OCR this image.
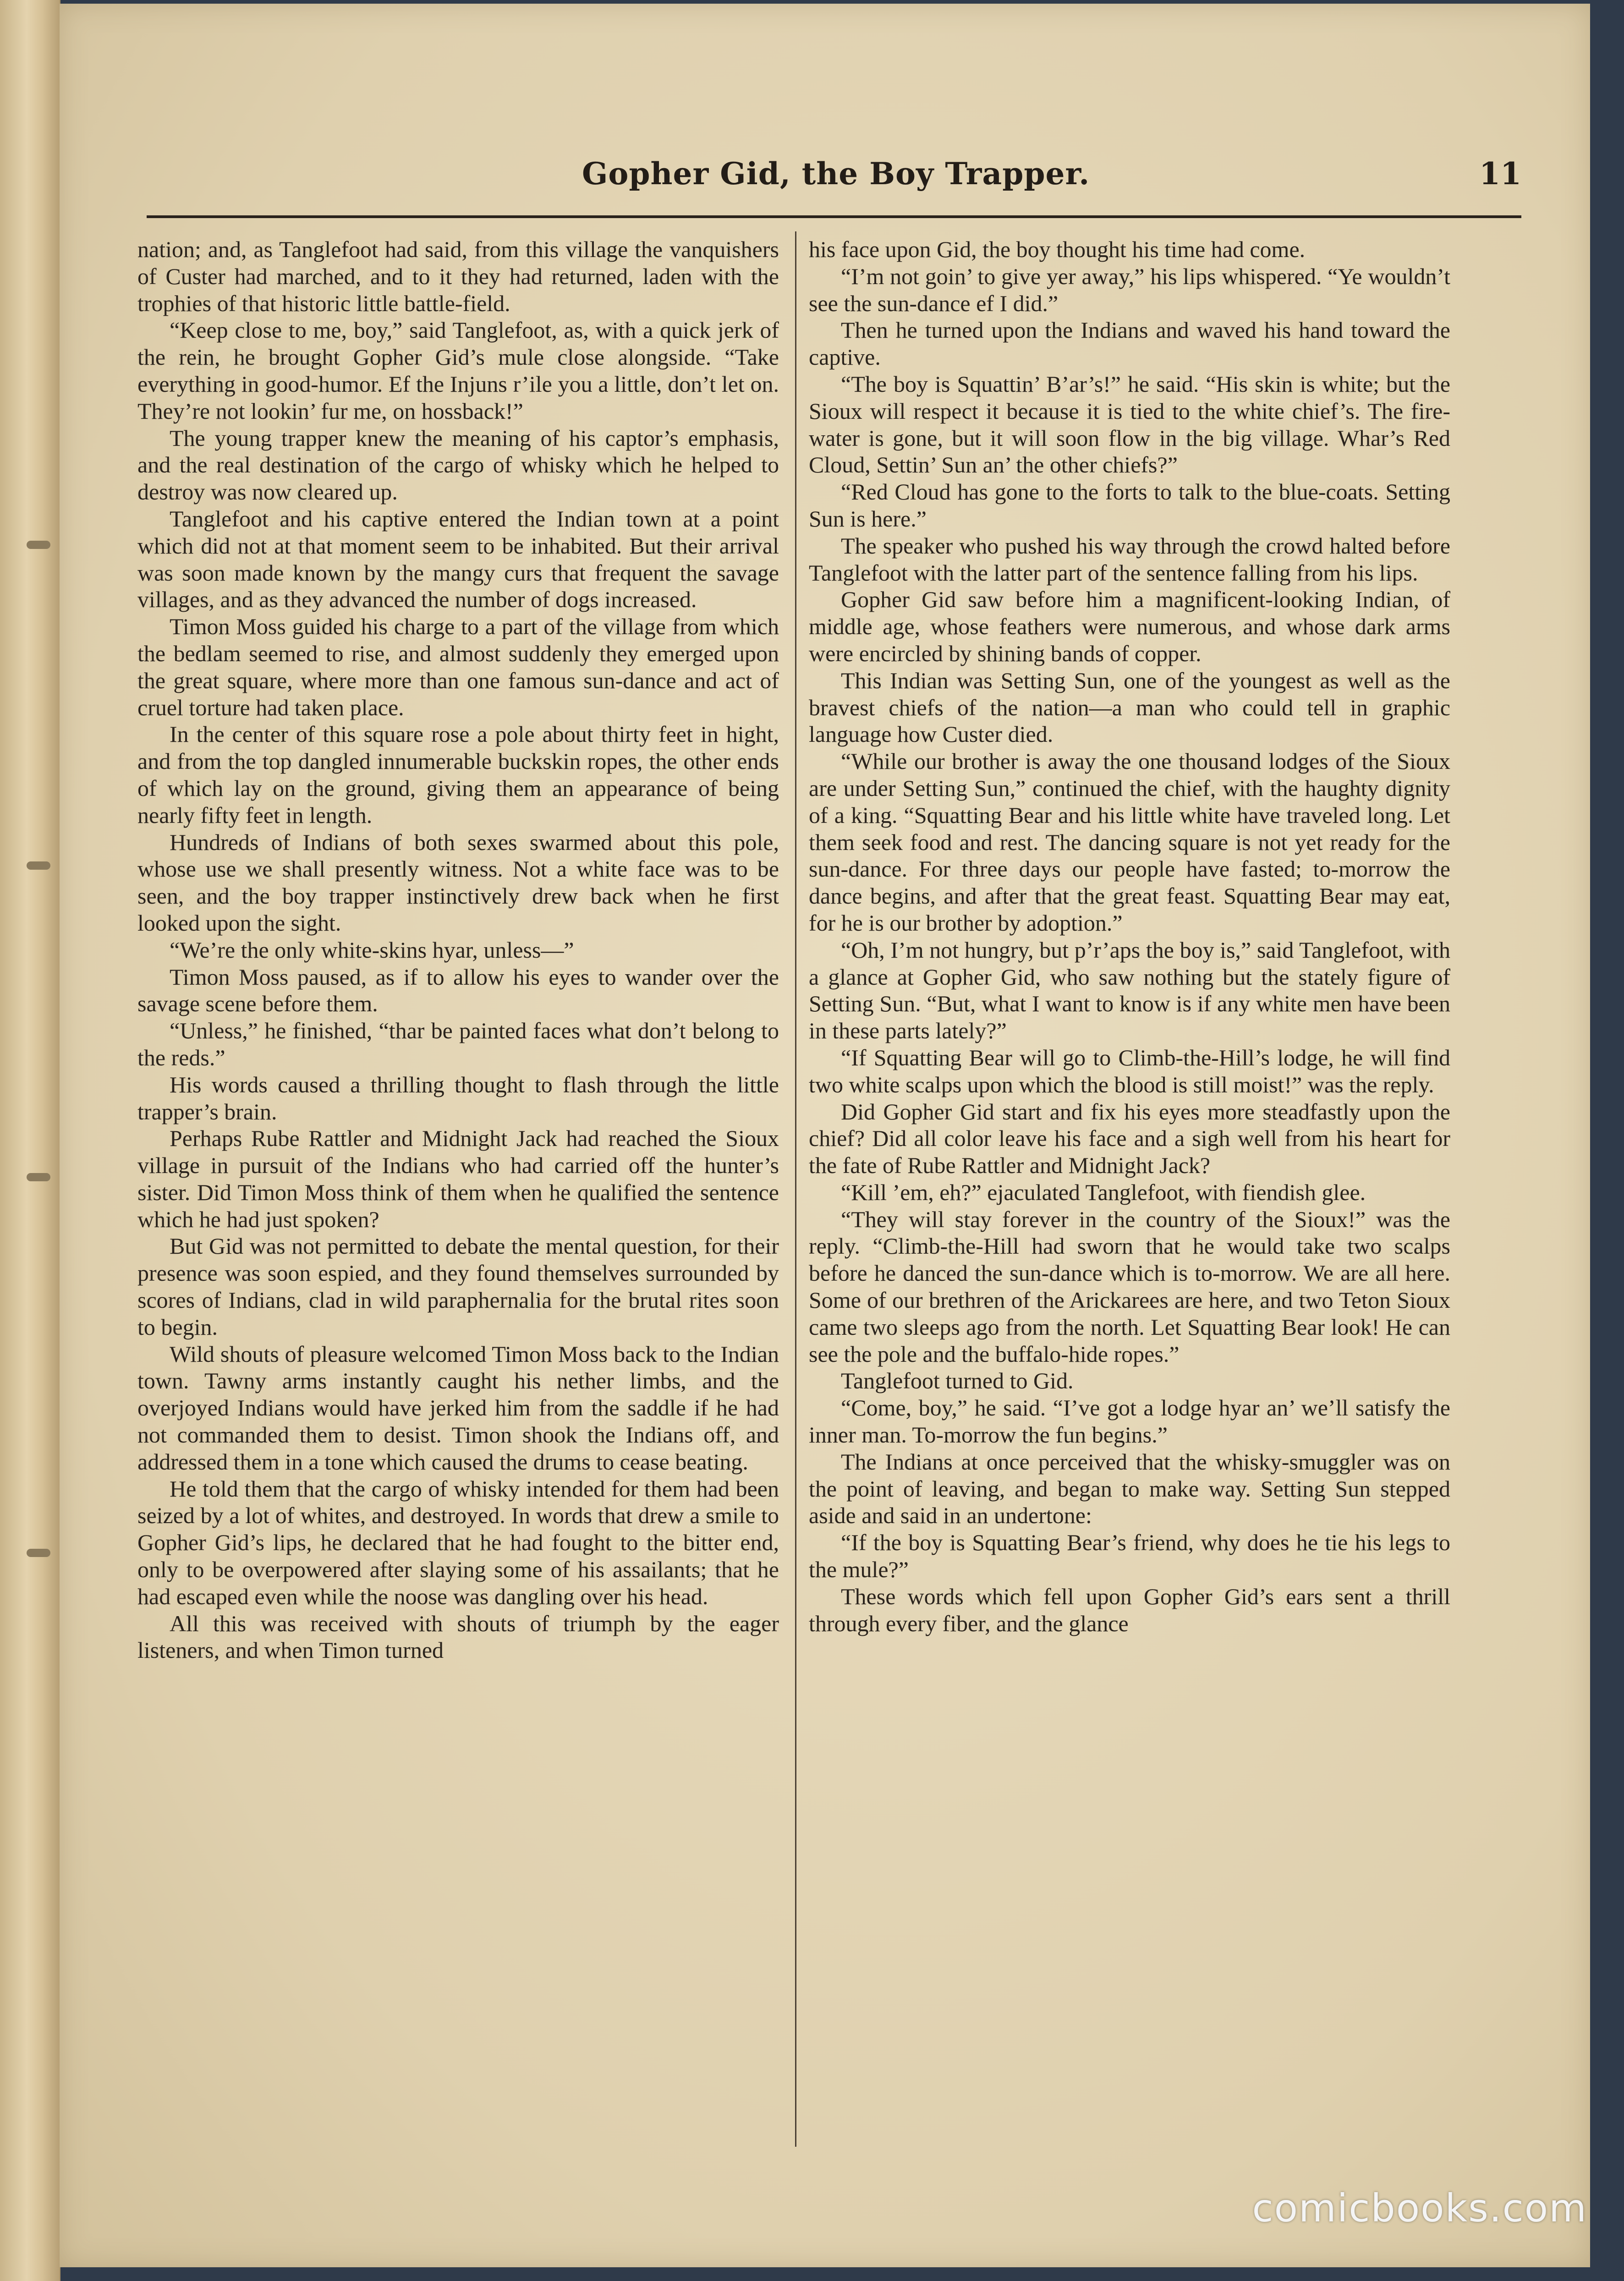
Gopher Gid, the Boy Trapper.	11

nation; and, as Tanglefoot had said, from this village the vanquishers of Custer had marched, and to it they had returned, laden with the trophies of that historic little battle-field.

“Keep close to me, boy,” said Tanglefoot, as, with a quick jerk of the rein, he brought Gopher Gid’s mule close alongside. “Take everything in good-humor. Ef the Injuns r’ile you a little, don’t let on. They’re not lookin’ fur me, on hossback!”

The young trapper knew the meaning of his captor’s emphasis, and the real destination of the cargo of whisky which he helped to destroy was now cleared up.

Tanglefoot and his captive entered the Indian town at a point which did not at that moment seem to be inhabited. But their arrival was soon made known by the mangy curs that frequent the savage villages, and as they advanced the number of dogs increased.

Timon Moss guided his charge to a part of the village from which the bedlam seemed to rise, and almost suddenly they emerged upon the great square, where more than one famous sun-dance and act of cruel torture had taken place.

In the center of this square rose a pole about thirty feet in hight, and from the top dangled innumerable buckskin ropes, the other ends of which lay on the ground, giving them an appearance of being nearly fifty feet in length.

Hundreds of Indians of both sexes swarmed about this pole, whose use we shall presently witness. Not a white face was to be seen, and the boy trapper instinctively drew back when he first looked upon the sight.

“We’re the only white-skins hyar, unless—”

Timon Moss paused, as if to allow his eyes to wander over the savage scene before them.

“Unless,” he finished, “thar be painted faces what don’t belong to the reds.”

His words caused a thrilling thought to flash through the little trapper’s brain.

Perhaps Rube Rattler and Midnight Jack had reached the Sioux village in pursuit of the Indians who had carried off the hunter’s sister. Did Timon Moss think of them when he qualified the sentence which he had just spoken?

But Gid was not permitted to debate the mental question, for their presence was soon espied, and they found themselves surrounded by scores of Indians, clad in wild paraphernalia for the brutal rites soon to begin.

Wild shouts of pleasure welcomed Timon Moss back to the Indian town. Tawny arms instantly caught his nether limbs, and the overjoyed Indians would have jerked him from the saddle if he had not commanded them to desist. Timon shook the Indians off, and addressed them in a tone which caused the drums to cease beating.

He told them that the cargo of whisky intended for them had been seized by a lot of whites, and destroyed. In words that drew a smile to Gopher Gid’s lips, he declared that he had fought to the bitter end, only to be overpowered after slaying some of his assailants; that he had escaped even while the noose was dangling over his head.

All this was received with shouts of triumph by the eager listeners, and when Timon turned

his face upon Gid, the boy thought his time had come.

“I’m not goin’ to give yer away,” his lips whispered. “Ye wouldn’t see the sun-dance ef I did.”

Then he turned upon the Indians and waved his hand toward the captive.

“The boy is Squattin’ B’ar’s!” he said. “His skin is white; but the Sioux will respect it because it is tied to the white chief’s. The fire-water is gone, but it will soon flow in the big village. Whar’s Red Cloud, Settin’ Sun an’ the other chiefs?”

“Red Cloud has gone to the forts to talk to the blue-coats. Setting Sun is here.”

The speaker who pushed his way through the crowd halted before Tanglefoot with the latter part of the sentence falling from his lips.

Gopher Gid saw before him a magnificent-looking Indian, of middle age, whose feathers were numerous, and whose dark arms were encircled by shining bands of copper.

This Indian was Setting Sun, one of the youngest as well as the bravest chiefs of the nation—a man who could tell in graphic language how Custer died.

“While our brother is away the one thousand lodges of the Sioux are under Setting Sun,” continued the chief, with the haughty dignity of a king. “Squatting Bear and his little white have traveled long. Let them seek food and rest. The dancing square is not yet ready for the sun-dance. For three days our people have fasted; to-morrow the dance begins, and after that the great feast. Squatting Bear may eat, for he is our brother by adoption.”

“Oh, I’m not hungry, but p’r’aps the boy is,” said Tanglefoot, with a glance at Gopher Gid, who saw nothing but the stately figure of Setting Sun. “But, what I want to know is if any white men have been in these parts lately?”

“If Squatting Bear will go to Climb-the-Hill’s lodge, he will find two white scalps upon which the blood is still moist!” was the reply.

Did Gopher Gid start and fix his eyes more steadfastly upon the chief? Did all color leave his face and a sigh well from his heart for the fate of Rube Rattler and Midnight Jack?

“Kill ’em, eh?” ejaculated Tanglefoot, with fiendish glee.

“They will stay forever in the country of the Sioux!” was the reply. “Climb-the-Hill had sworn that he would take two scalps before he danced the sun-dance which is to-morrow. We are all here. Some of our brethren of the Arickarees are here, and two Teton Sioux came two sleeps ago from the north. Let Squatting Bear look! He can see the pole and the buffalo-hide ropes.”

Tanglefoot turned to Gid.

“Come, boy,” he said. “I’ve got a lodge hyar an’ we’ll satisfy the inner man. To-morrow the fun begins.”

The Indians at once perceived that the whisky-smuggler was on the point of leaving, and began to make way. Setting Sun stepped aside and said in an undertone:

“If the boy is Squatting Bear’s friend, why does he tie his legs to the mule?”

These words which fell upon Gopher Gid’s ears sent a thrill through every fiber, and the glance

comicbooks.com
